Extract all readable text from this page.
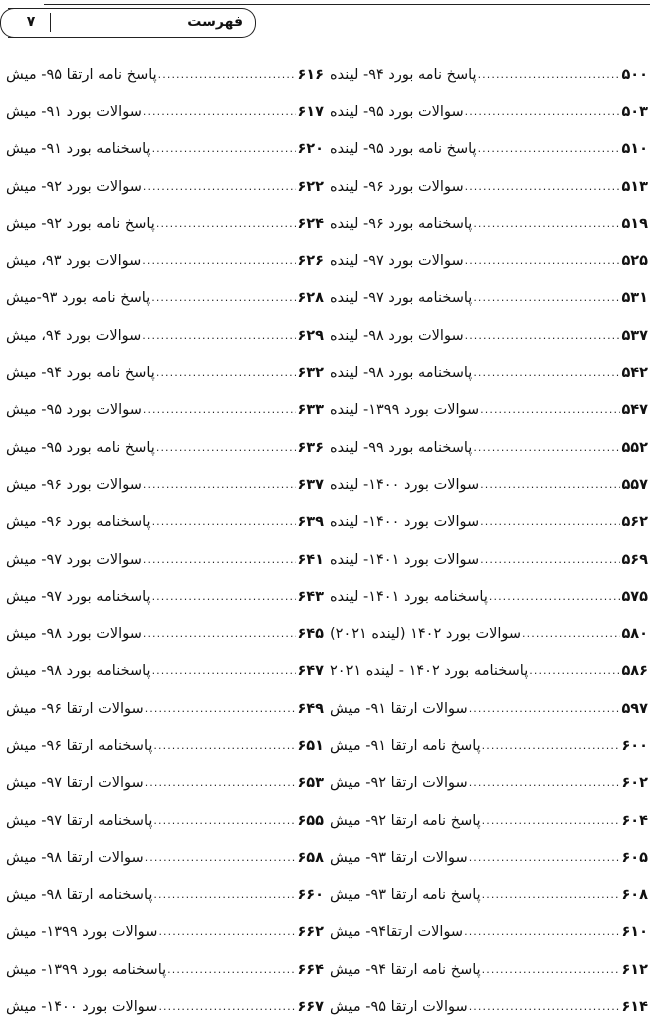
۷	فهرست
پاسخ نامه بورد ۹۴- لینده .....	۵۰۰
سوالات بورد ۹۵- لینده .....	۵۰۳
پاسخ نامه بورد ۹۵- لینده .....	۵۱۰
سوالات بورد ۹۶- لینده .....	۵۱۳
پاسخنامه بورد ۹۶- لینده .....	۵۱۹
سوالات بورد ۹۷- لینده .....	۵۲۵
پاسخنامه بورد ۹۷- لینده .....	۵۳۱
سوالات بورد ۹۸- لینده .....	۵۳۷
پاسخنامه بورد ۹۸- لینده .....	۵۴۲
سوالات بورد ۱۳۹۹- لینده .....	۵۴۷
پاسخنامه بورد ۹۹- لینده .....	۵۵۲
سوالات بورد ۱۴۰۰- لینده .....	۵۵۷
سوالات بورد ۱۴۰۰- لینده .....	۵۶۲
سوالات بورد ۱۴۰۱- لینده .....	۵۶۹
پاسخنامه بورد ۱۴۰۱- لینده .....	۵۷۵
سوالات بورد ۱۴۰۲ (لینده ۲۰۲۱) .....	۵۸۰
پاسخنامه بورد ۱۴۰۲ - لینده ۲۰۲۱ .....	۵۸۶
سوالات ارتقا ۹۱- میش .....	۵۹۷
پاسخ نامه ارتقا ۹۱- میش .....	۶۰۰
سوالات ارتقا ۹۲- میش .....	۶۰۲
پاسخ نامه ارتقا ۹۲- میش .....	۶۰۴
سوالات ارتقا ۹۳- میش .....	۶۰۵
پاسخ نامه ارتقا ۹۳- میش .....	۶۰۸
سوالات ارتقا۹۴- میش .....	۶۱۰
پاسخ نامه ارتقا ۹۴- میش .....	۶۱۲
سوالات ارتقا ۹۵- میش .....	۶۱۴
پاسخ نامه ارتقا ۹۵- میش .....	۶۱۶
سوالات بورد ۹۱- میش .....	۶۱۷
پاسخنامه بورد ۹۱- میش .....	۶۲۰
سوالات بورد ۹۲- میش .....	۶۲۲
پاسخ نامه بورد ۹۲- میش .....	۶۲۴
سوالات بورد ۹۳، میش .....	۶۲۶
پاسخ نامه بورد ۹۳-میش .....	۶۲۸
سوالات بورد ۹۴، میش .....	۶۲۹
پاسخ نامه بورد ۹۴- میش .....	۶۳۲
سوالات بورد ۹۵- میش .....	۶۳۳
پاسخ نامه بورد ۹۵- میش .....	۶۳۶
سوالات بورد ۹۶- میش .....	۶۳۷
پاسخنامه بورد ۹۶- میش .....	۶۳۹
سوالات بورد ۹۷- میش .....	۶۴۱
پاسخنامه بورد ۹۷- میش .....	۶۴۳
سوالات بورد ۹۸- میش .....	۶۴۵
پاسخنامه بورد ۹۸- میش .....	۶۴۷
سوالات ارتقا ۹۶- میش .....	۶۴۹
پاسخنامه ارتقا ۹۶- میش .....	۶۵۱
سوالات ارتقا ۹۷- میش .....	۶۵۳
پاسخنامه ارتقا ۹۷- میش .....	۶۵۵
سوالات ارتقا ۹۸- میش .....	۶۵۸
پاسخنامه ارتقا ۹۸- میش .....	۶۶۰
سوالات بورد ۱۳۹۹- میش .....	۶۶۲
پاسخنامه بورد ۱۳۹۹- میش .....	۶۶۴
سوالات بورد ۱۴۰۰- میش .....	۶۶۷
